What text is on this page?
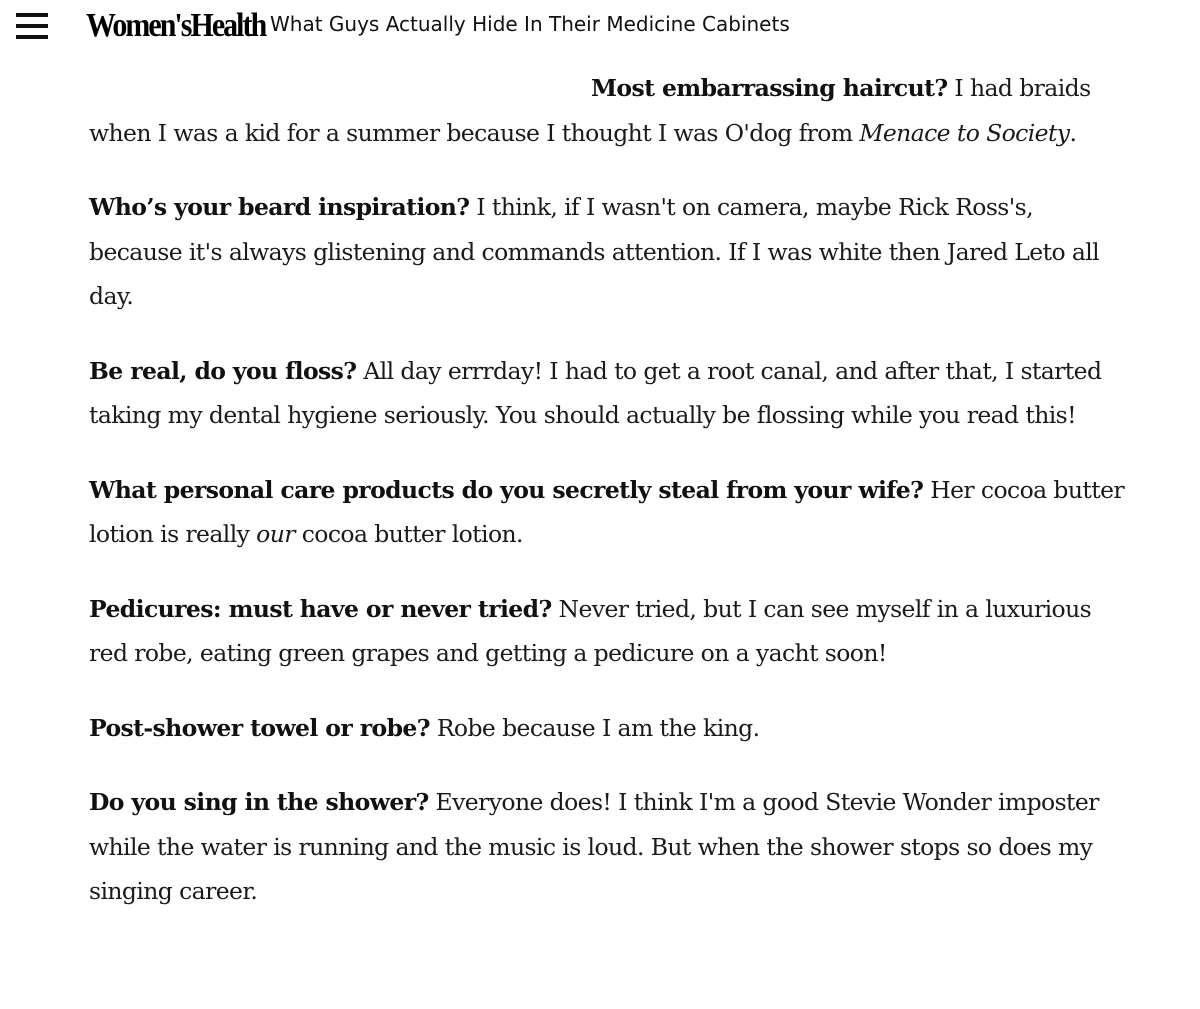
Women'sHealth What Guys Actually Hide In Their Medicine Cabinets

Most embarrassing haircut? I had braids when I was a kid for a summer because I thought I was O'dog from Menace to Society.

Who’s your beard inspiration? I think, if I wasn't on camera, maybe Rick Ross's, because it's always glistening and commands attention. If I was white then Jared Leto all day.

Be real, do you floss? All day errrday! I had to get a root canal, and after that, I started taking my dental hygiene seriously. You should actually be flossing while you read this!

What personal care products do you secretly steal from your wife? Her cocoa butter lotion is really our cocoa butter lotion.

Pedicures: must have or never tried? Never tried, but I can see myself in a luxurious red robe, eating green grapes and getting a pedicure on a yacht soon!

Post-shower towel or robe? Robe because I am the king.

Do you sing in the shower? Everyone does! I think I'm a good Stevie Wonder imposter while the water is running and the music is loud. But when the shower stops so does my singing career.
